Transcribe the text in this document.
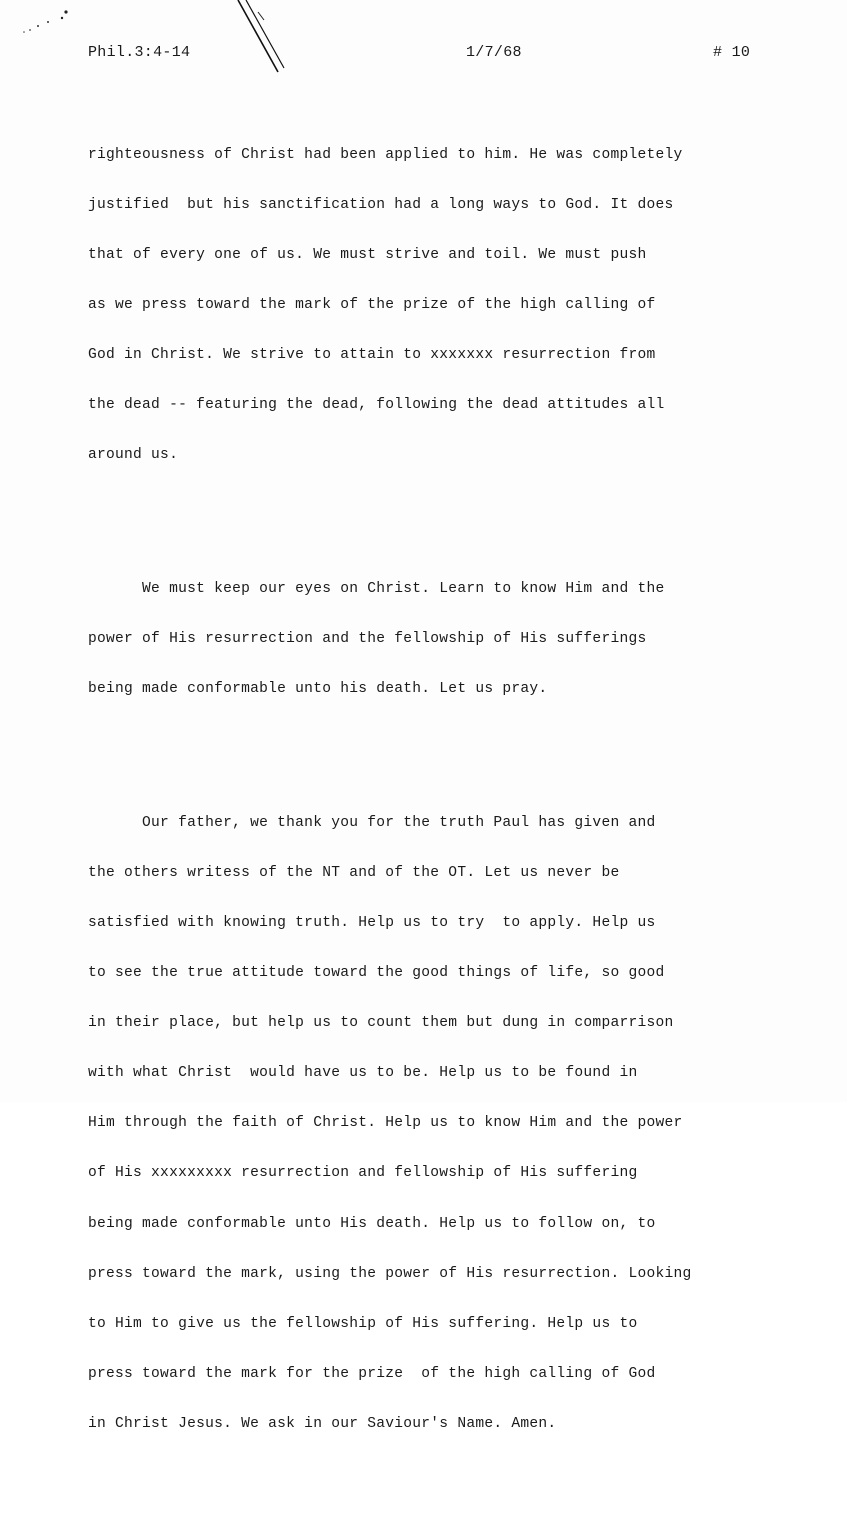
Phil.3:4-14	1/7/68	# 10

righteousness of Christ had been applied to him. He was completely

justified  but his sanctification had a long ways to God. It does

that of every one of us. We must strive and toil. We must push

as we press toward the mark of the prize of the high calling of

God in Christ. We strive to attain to xxxxxxx resurrection from

the dead -- featuring the dead, following the dead attitudes all

around us.

We must keep our eyes on Christ. Learn to know Him and the

power of His resurrection and the fellowship of His sufferings

being made conformable unto his death. Let us pray.

Our father, we thank you for the truth Paul has given and

the others writess of the NT and of the OT. Let us never be

satisfied with knowing truth. Help us to try  to apply. Help us

to see the true attitude toward the good things of life, so good

in their place, but help us to count them but dung in comparrison

with what Christ  would have us to be. Help us to be found in

Him through the faith of Christ. Help us to know Him and the power

of His xxxxxxxxx resurrection and fellowship of His suffering

being made conformable unto His death. Help us to follow on, to

press toward the mark, using the power of His resurrection. Looking

to Him to give us the fellowship of His suffering. Help us to

press toward the mark for the prize  of the high calling of God

in Christ Jesus. We ask in our Saviour's Name. Amen.
